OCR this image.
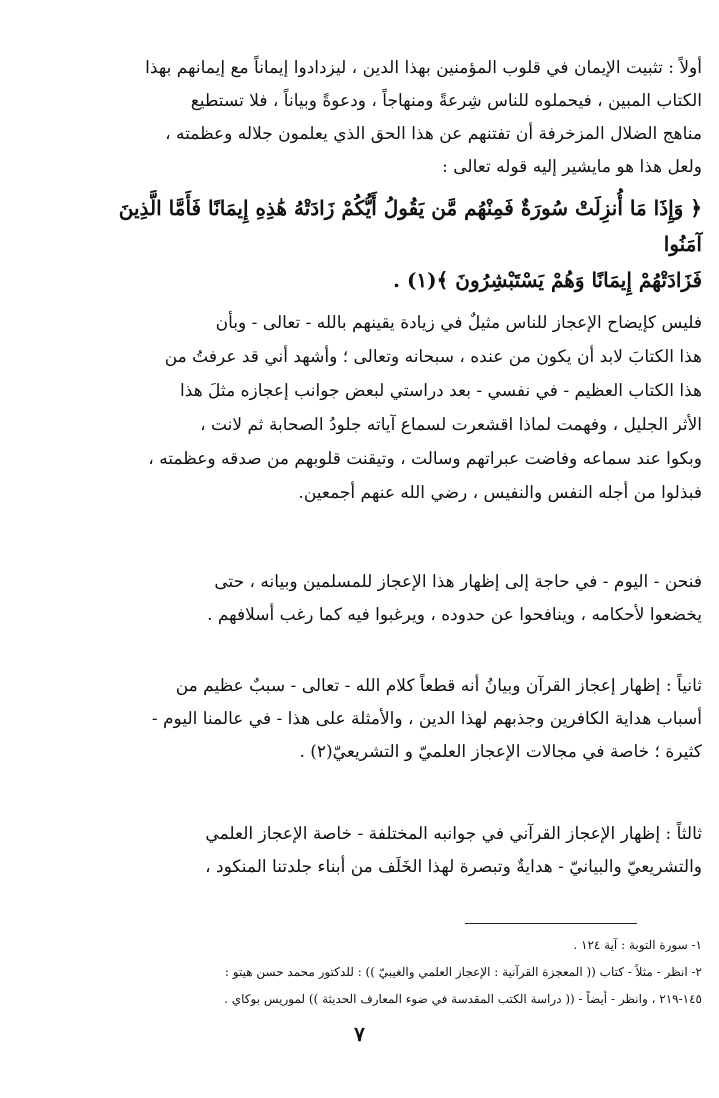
أولاً : تثبيت الإيمان في قلوب المؤمنين بهذا الدين ، ليزدادوا إيماناً مع إيمانهم بهذا

الكتاب المبين ، فيحملوه للناس شِرعةً ومنهاجاً ، ودعوةً وبياناً ، فلا تستطيع

مناهج الضلال المزخرفة أن تفتنهم عن هذا الحق الذي يعلمون جلاله وعظمته ،

ولعل هذا هو مايشير إليه قوله تعالى :

﴿ وَإِذَا مَا أُنزِلَتْ سُورَةٌ فَمِنْهُم مَّن يَقُولُ أَيُّكُمْ زَادَتْهُ هَٰذِهِ إِيمَانًا فَأَمَّا الَّذِينَ آمَنُوا

فَزَادَتْهُمْ إِيمَانًا وَهُمْ يَسْتَبْشِرُونَ ﴾(١) .

فليس كإيضاح الإعجاز للناس مثيلٌ في زيادة يقينهم بالله - تعالى - وبأن

هذا الكتابَ لابد أن يكون من عنده ، سبحانه وتعالى ؛ وأشهد أني قد عرفتُ من

هذا الكتاب العظيم - في نفسي - بعد دراستي لبعض جوانب إعجازه مثلَ هذا

الأثر الجليل ، وفهمت لماذا اقشعرت لسماع آياته جلودُ الصحابة ثم لانت ،

وبكوا عند سماعه وفاضت عبراتهم وسالت ، وتيقنت قلوبهم من صدقه وعظمته ،

فبذلوا من أجله النفس والنفيس ، رضي الله عنهم أجمعين.

فنحن - اليوم - في حاجة إلى إظهار هذا الإعجاز للمسلمين وبيانه ، حتى

يخضعوا لأحكامه ، وينافحوا عن حدوده ، ويرغبوا فيه كما رغب أسلافهم .

ثانياً : إظهار إعجاز القرآن وبيانُ أنه قطعاً كلام الله - تعالى - سببٌ عظيم من

أسباب هداية الكافرين وجذبهم لهذا الدين ، والأمثلة على هذا - في عالمنا اليوم -

كثيرة ؛ خاصة في مجالات الإعجاز العلميّ و التشريعيّ(٢) .

ثالثاً : إظهار الإعجاز القرآني في جوانبه المختلفة - خاصة الإعجاز العلمي

والتشريعيّ والبيانيّ - هدايةٌ وتبصرة لهذا الخَلَف من أبناء جلدتنا المنكود ،

١- سورة التوبة : آية ١٢٤ .
٢- انظر - مثلاً - كتاب (( المعجزة القرآنية : الإعجاز العلمي والغيبيّ )) : للدكتور محمد حسن هيتو :
١٤٥-٢١٩ ، وانظر - أيضاً - (( دراسة الكتب المقدسة في ضوء المعارف الحديثة )) لموريس بوكاي .
٧
